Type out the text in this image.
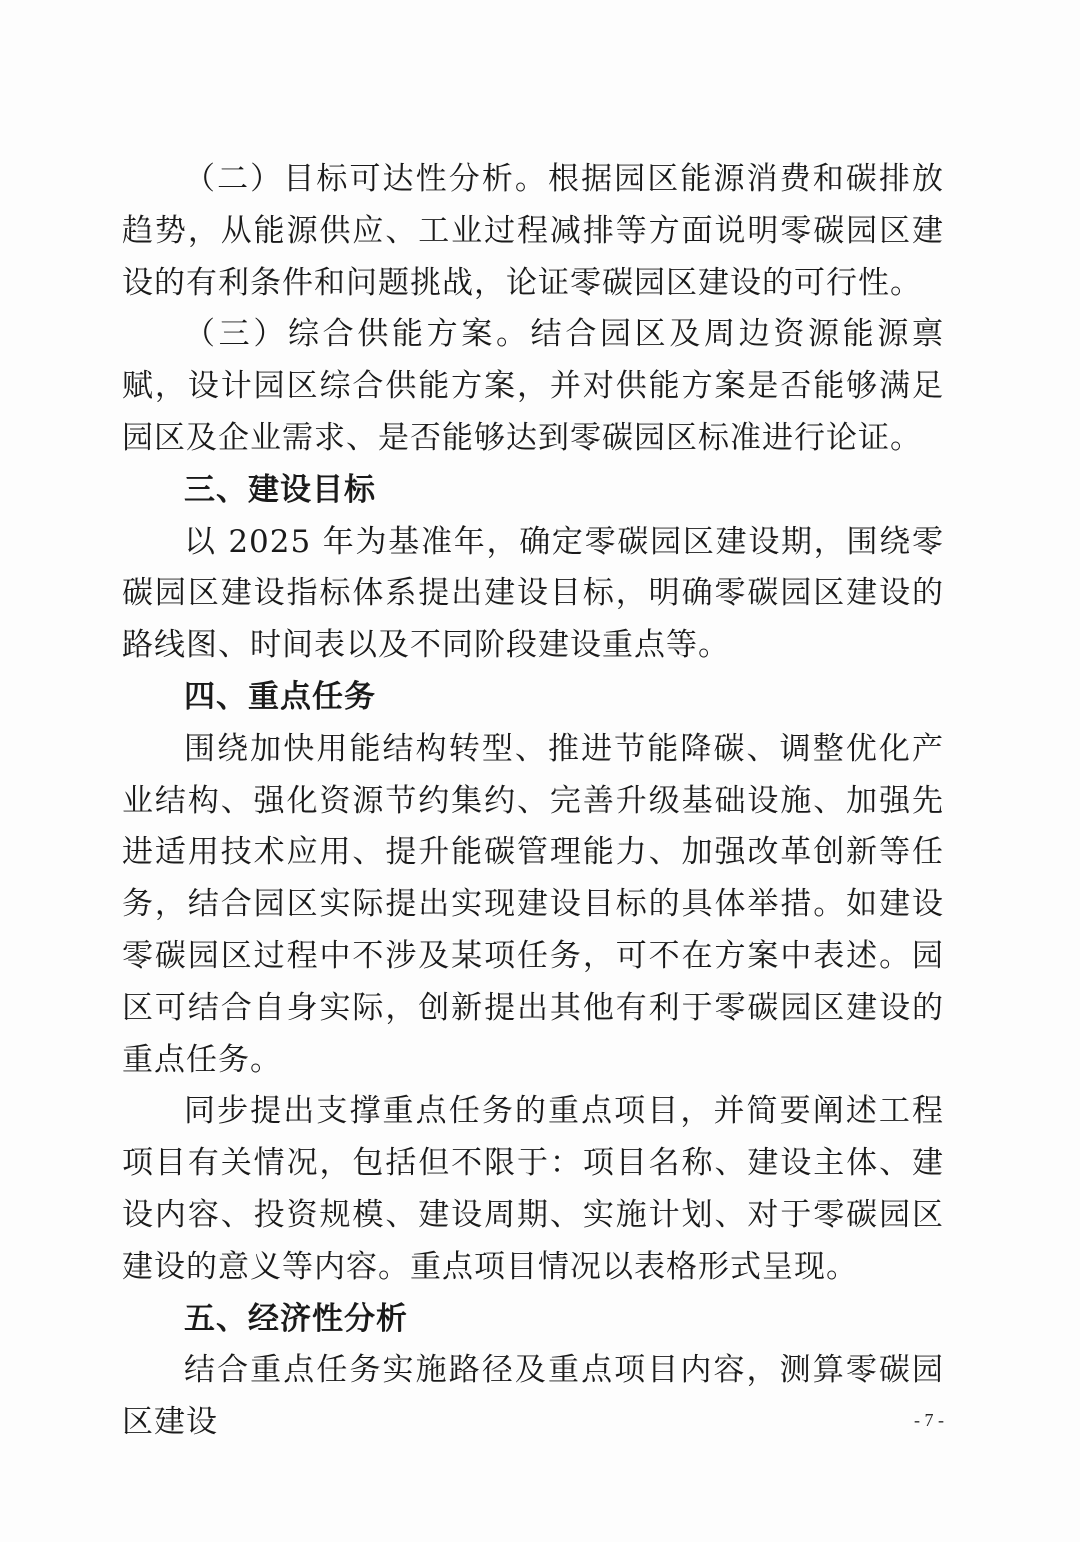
（二）目标可达性分析。根据园区能源消费和碳排放趋势，从能源供应、工业过程减排等方面说明零碳园区建设的有利条件和问题挑战，论证零碳园区建设的可行性。

（三）综合供能方案。结合园区及周边资源能源禀赋，设计园区综合供能方案，并对供能方案是否能够满足园区及企业需求、是否能够达到零碳园区标准进行论证。

三、建设目标

以 2025 年为基准年，确定零碳园区建设期，围绕零碳园区建设指标体系提出建设目标，明确零碳园区建设的路线图、时间表以及不同阶段建设重点等。

四、重点任务

围绕加快用能结构转型、推进节能降碳、调整优化产业结构、强化资源节约集约、完善升级基础设施、加强先进适用技术应用、提升能碳管理能力、加强改革创新等任务，结合园区实际提出实现建设目标的具体举措。如建设零碳园区过程中不涉及某项任务，可不在方案中表述。园区可结合自身实际，创新提出其他有利于零碳园区建设的重点任务。

同步提出支撑重点任务的重点项目，并简要阐述工程项目有关情况，包括但不限于：项目名称、建设主体、建设内容、投资规模、建设周期、实施计划、对于零碳园区建设的意义等内容。重点项目情况以表格形式呈现。

五、经济性分析

结合重点任务实施路径及重点项目内容，测算零碳园区建设	- 7 -
